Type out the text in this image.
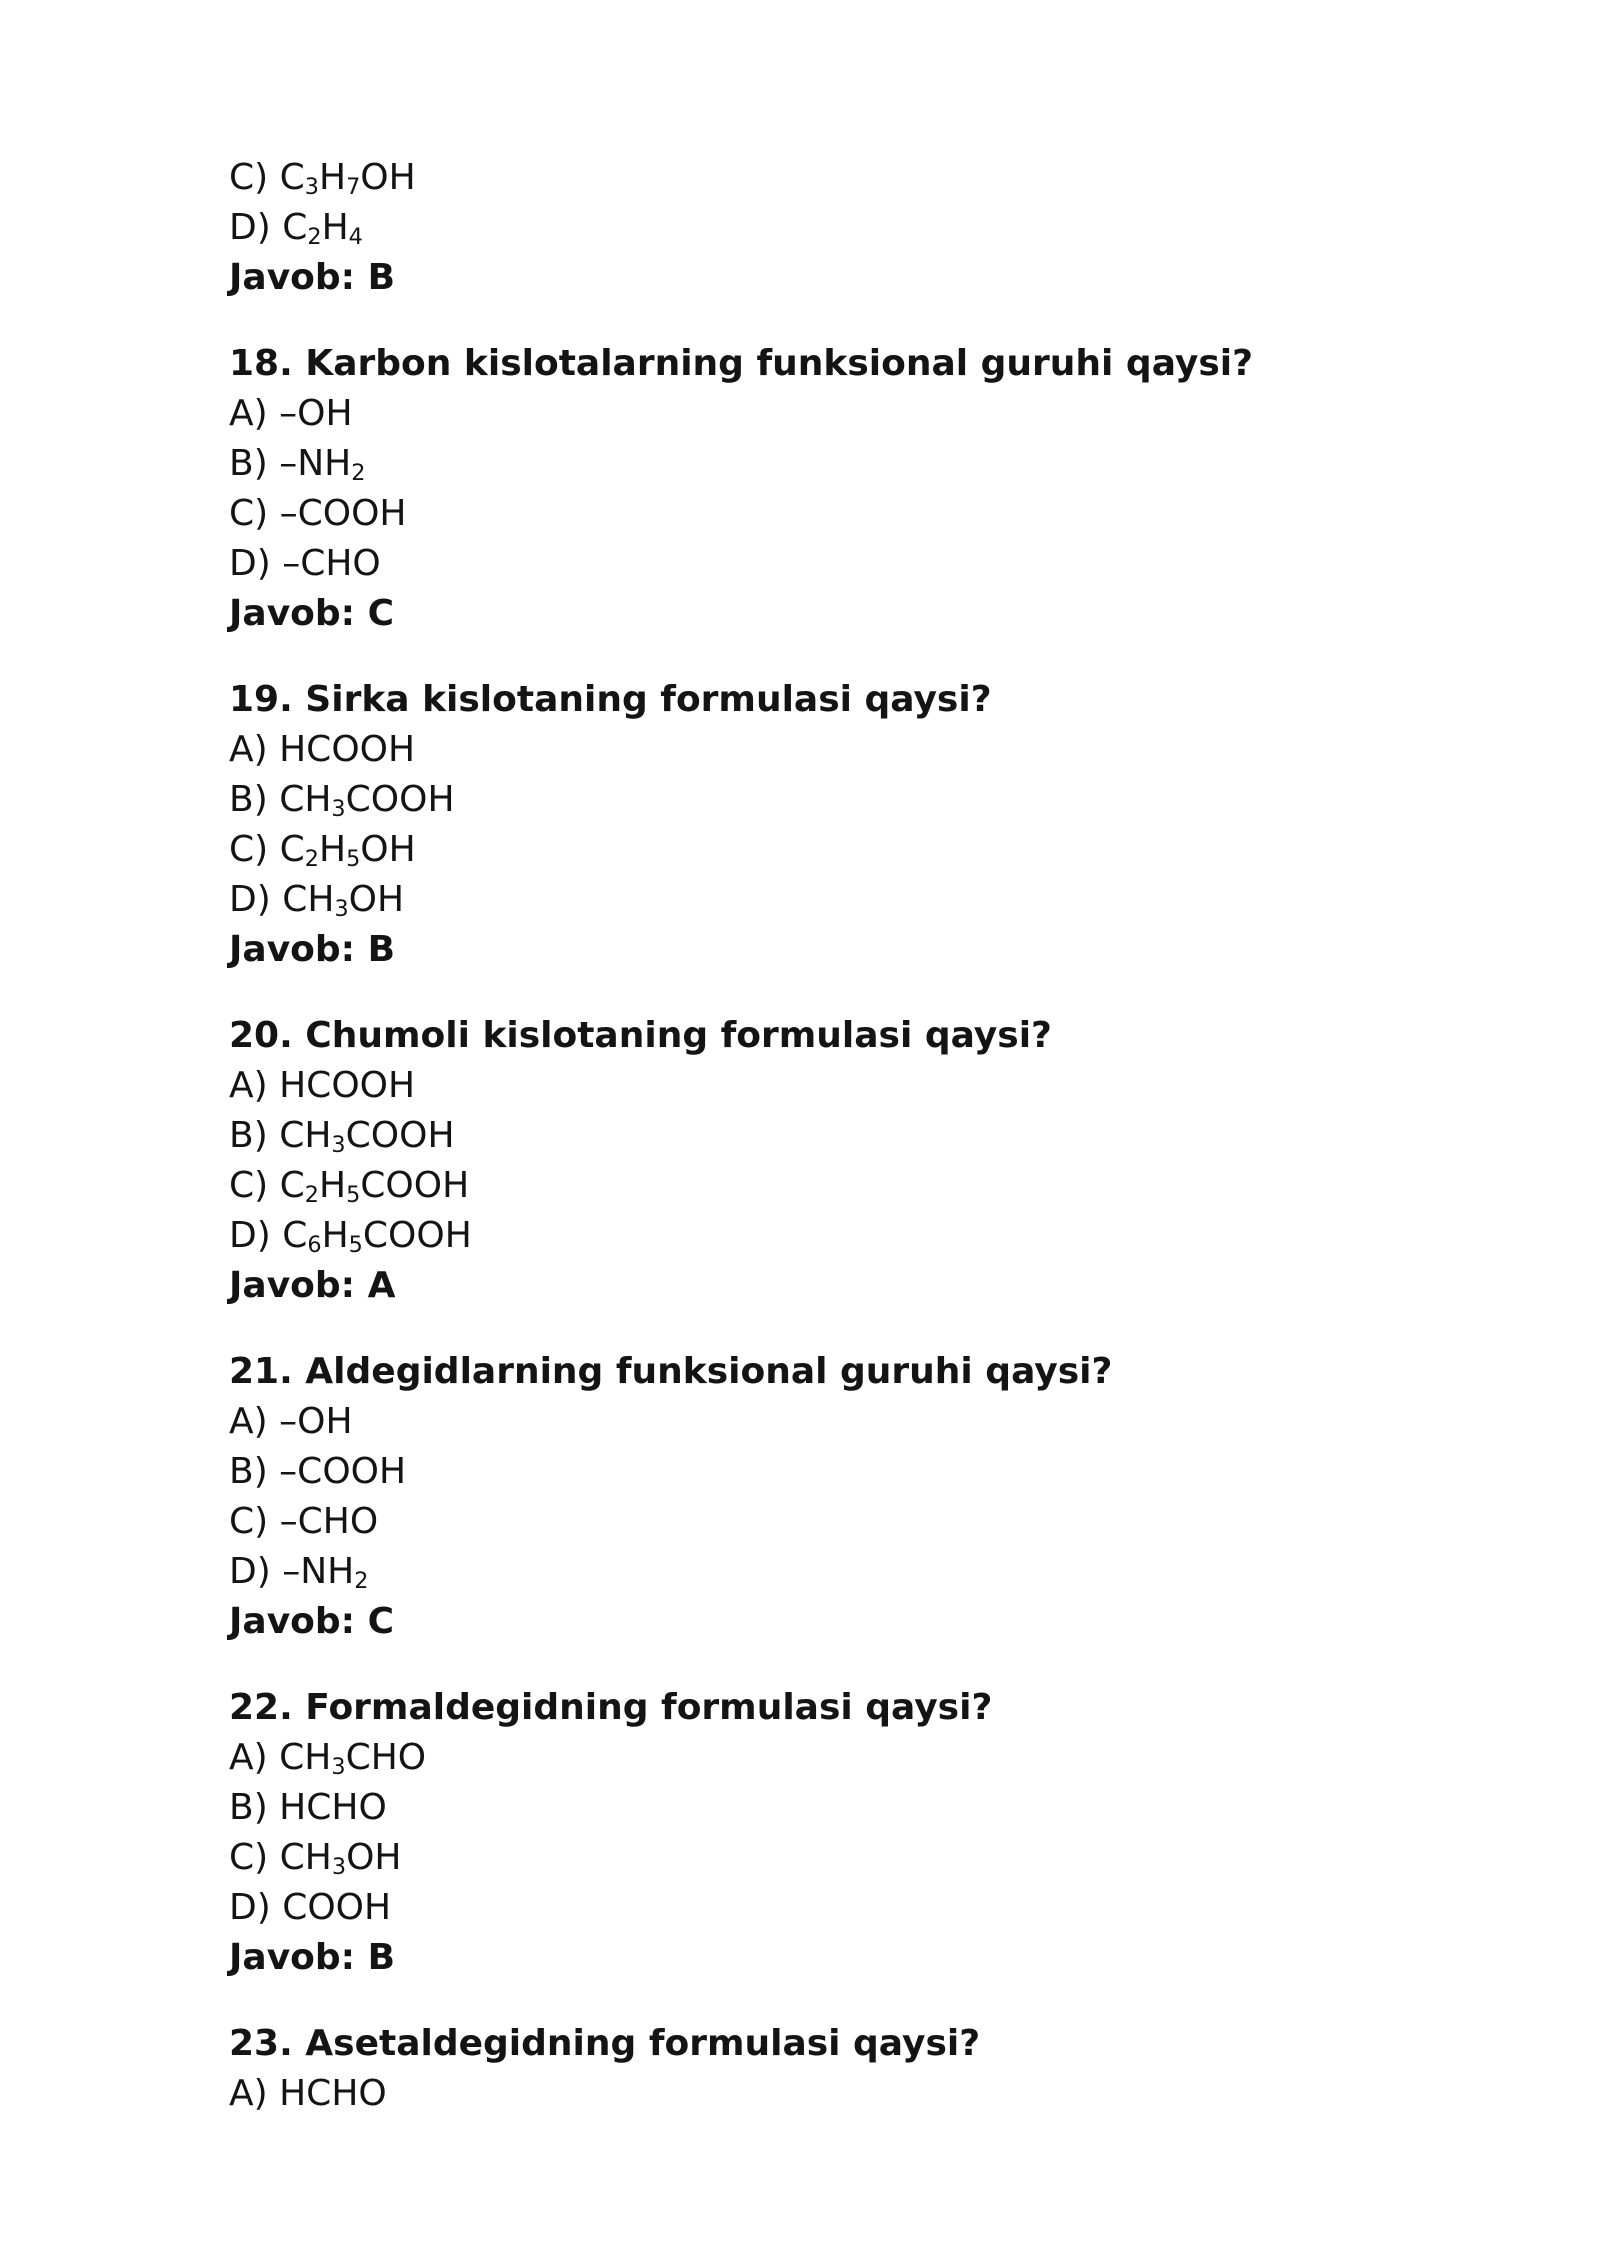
C) $C_3H_7OH$
D) $C_2H_4$
Javob: B
18. Karbon kislotalarning funksional guruhi qaysi?
A) –OH
B) $-NH_2$
C) –COOH
D) –CHO
Javob: C
19. Sirka kislotaning formulasi qaysi?
A) HCOOH
B) $CH_3COOH$
C) $C_2H_5OH$
D) $CH_3OH$
Javob: B
20. Chumoli kislotaning formulasi qaysi?
A) HCOOH
B) $CH_3COOH$
C) $C_2H_5COOH$
D) $C_6H_5COOH$
Javob: A
21. Aldegidlarning funksional guruhi qaysi?
A) –OH
B) –COOH
C) –CHO
D) $-NH_2$
Javob: C
22. Formaldegidning formulasi qaysi?
A) $CH_3CHO$
B) HCHO
C) $CH_3OH$
D) COOH
Javob: B
23. Asetaldegidning formulasi qaysi?
A) HCHO
